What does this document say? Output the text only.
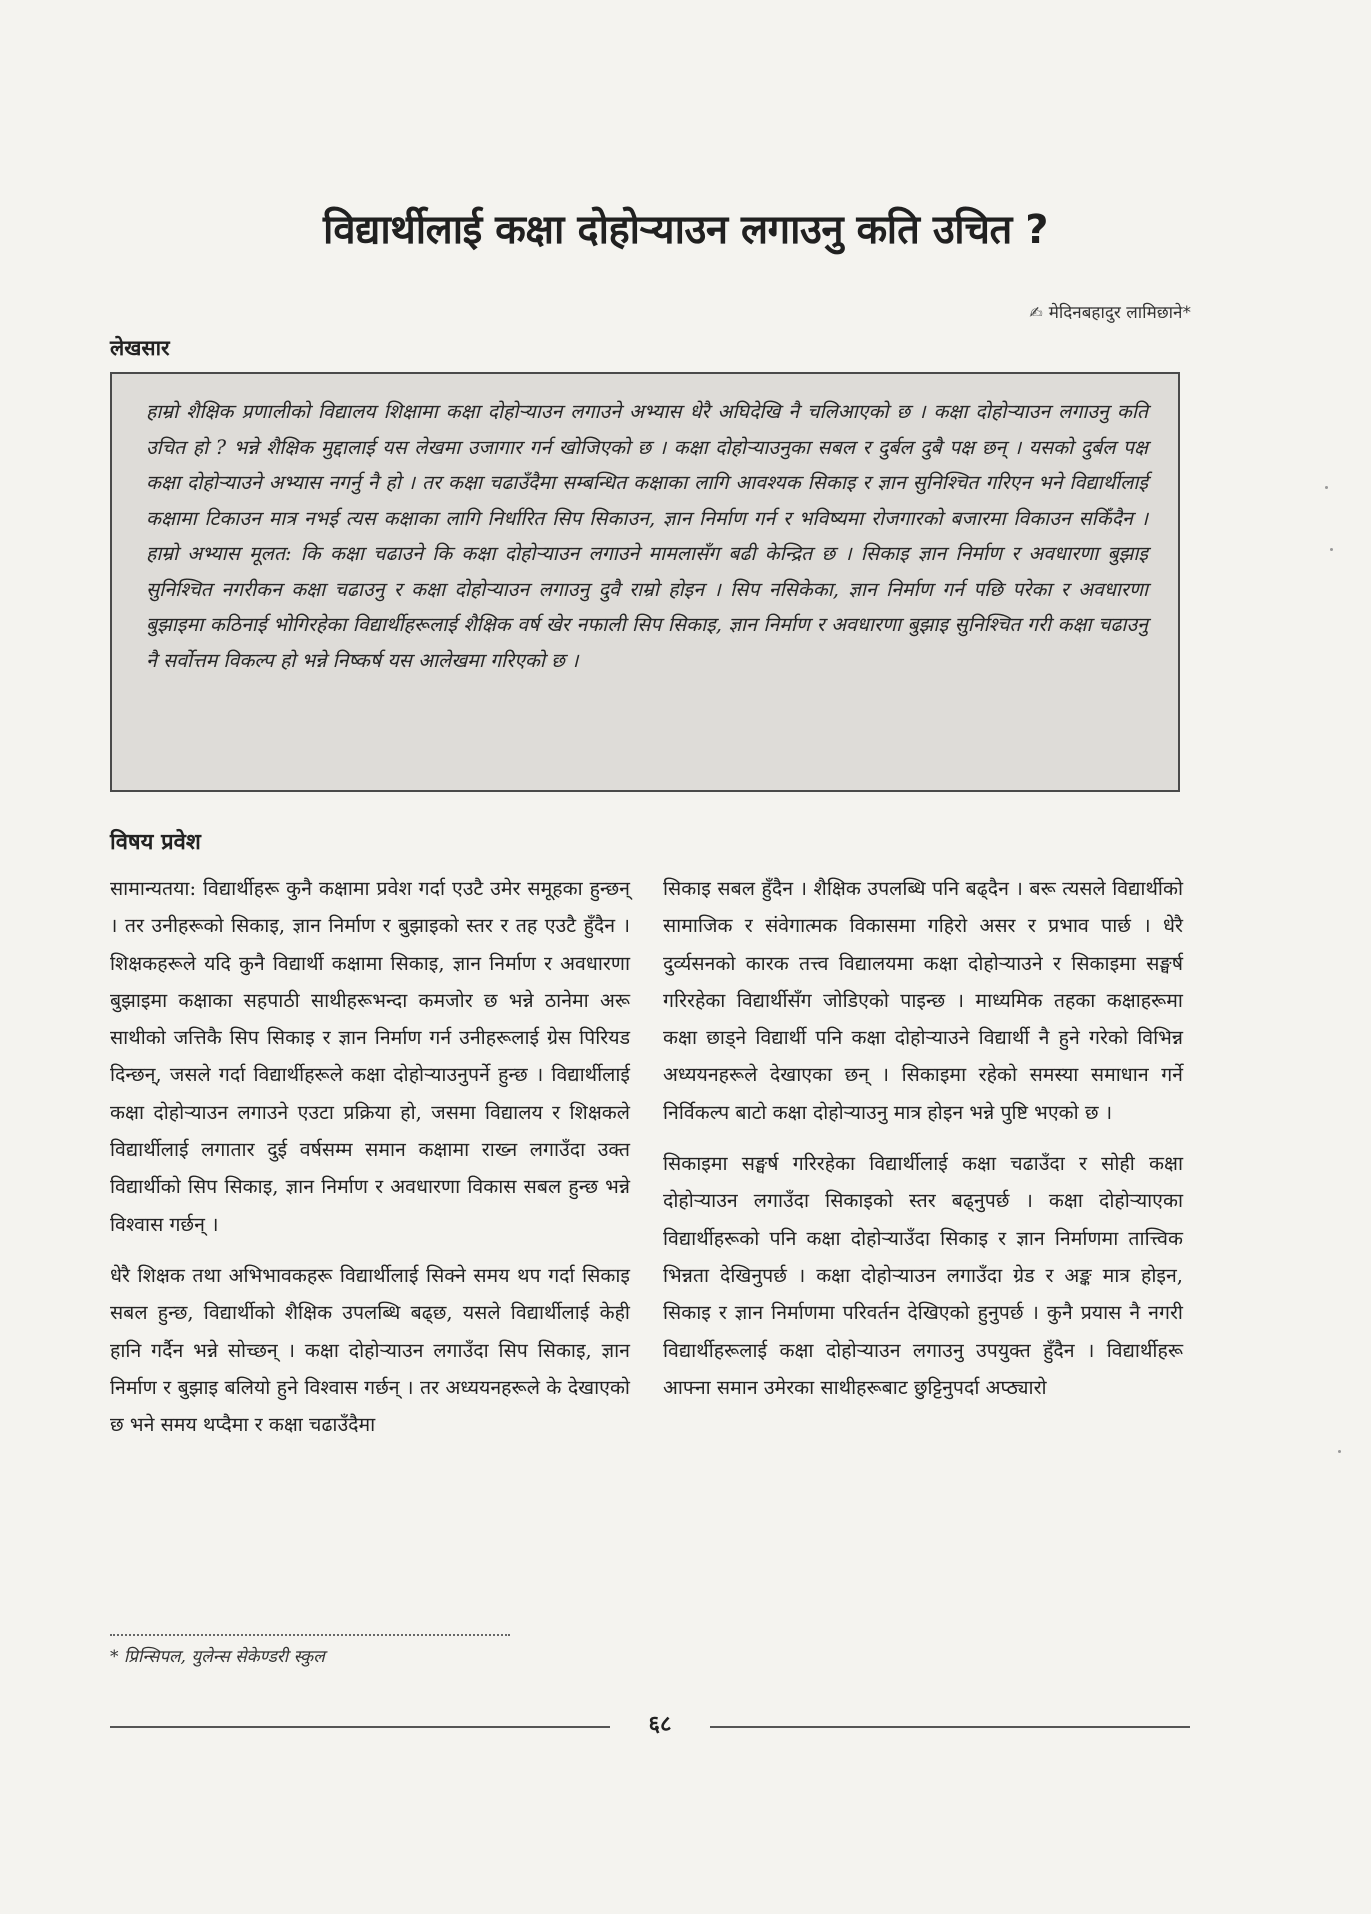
विद्यार्थीलाई कक्षा दोहोऱ्याउन लगाउनु कति उचित ?
✍ मेदिनबहादुर लामिछाने*
लेखसार
हाम्रो शैक्षिक प्रणालीको विद्यालय शिक्षामा कक्षा दोहोऱ्याउन लगाउने अभ्यास धेरै अघिदेखि नै चलिआएको छ । कक्षा दोहोऱ्याउन लगाउनु कति उचित हो ? भन्ने शैक्षिक मुद्दालाई यस लेखमा उजागार गर्न खोजिएको छ । कक्षा दोहोऱ्याउनुका सबल र दुर्बल दुबै पक्ष छन् । यसको दुर्बल पक्ष कक्षा दोहोऱ्याउने अभ्यास नगर्नु नै हो । तर कक्षा चढाउँदैमा सम्बन्धित कक्षाका लागि आवश्यक सिकाइ र ज्ञान सुनिश्चित गरिएन भने विद्यार्थीलाई कक्षामा टिकाउन मात्र नभई त्यस कक्षाका लागि निर्धारित सिप सिकाउन, ज्ञान निर्माण गर्न र भविष्यमा रोजगारको बजारमा विकाउन सकिँदैन । हाम्रो अभ्यास मूलत: कि कक्षा चढाउने कि कक्षा दोहोऱ्याउन लगाउने मामलासँग बढी केन्द्रित छ । सिकाइ ज्ञान निर्माण र अवधारणा बुझाइ सुनिश्चित नगरीकन कक्षा चढाउनु र कक्षा दोहोऱ्याउन लगाउनु दुवै राम्रो होइन । सिप नसिकेका, ज्ञान निर्माण गर्न पछि परेका र अवधारणा बुझाइमा कठिनाई भोगिरहेका विद्यार्थीहरूलाई शैक्षिक वर्ष खेर नफाली सिप सिकाइ, ज्ञान निर्माण र अवधारणा बुझाइ सुनिश्चित गरी कक्षा चढाउनु नै सर्वोत्तम विकल्प हो भन्ने निष्कर्ष यस आलेखमा गरिएको छ ।
विषय प्रवेश

सामान्यतया: विद्यार्थीहरू कुनै कक्षामा प्रवेश गर्दा एउटै उमेर समूहका हुन्छन् । तर उनीहरूको सिकाइ, ज्ञान निर्माण र बुझाइको स्तर र तह एउटै हुँदैन । शिक्षकहरूले यदि कुनै विद्यार्थी कक्षामा सिकाइ, ज्ञान निर्माण र अवधारणा बुझाइमा कक्षाका सहपाठी साथीहरूभन्दा कमजोर छ भन्ने ठानेमा अरू साथीको जत्तिकै सिप सिकाइ र ज्ञान निर्माण गर्न उनीहरूलाई ग्रेस पिरियड दिन्छन्, जसले गर्दा विद्यार्थीहरूले कक्षा दोहोऱ्याउनुपर्ने हुन्छ । विद्यार्थीलाई कक्षा दोहोऱ्याउन लगाउने एउटा प्रक्रिया हो, जसमा विद्यालय र शिक्षकले विद्यार्थीलाई लगातार दुई वर्षसम्म समान कक्षामा राख्न लगाउँदा उक्त विद्यार्थीको सिप सिकाइ, ज्ञान निर्माण र अवधारणा विकास सबल हुन्छ भन्ने विश्वास गर्छन् ।

धेरै शिक्षक तथा अभिभावकहरू विद्यार्थीलाई सिक्ने समय थप गर्दा सिकाइ सबल हुन्छ, विद्यार्थीको शैक्षिक उपलब्धि बढ्छ, यसले विद्यार्थीलाई केही हानि गर्दैन भन्ने सोच्छन् । कक्षा दोहोऱ्याउन लगाउँदा सिप सिकाइ, ज्ञान निर्माण र बुझाइ बलियो हुने विश्वास गर्छन् । तर अध्ययनहरूले के देखाएको छ भने समय थप्दैमा र कक्षा चढाउँदैमा

सिकाइ सबल हुँदैन । शैक्षिक उपलब्धि पनि बढ्दैन । बरू त्यसले विद्यार्थीको सामाजिक र संवेगात्मक विकासमा गहिरो असर र प्रभाव पार्छ । धेरै दुर्व्यसनको कारक तत्त्व विद्यालयमा कक्षा दोहोऱ्याउने र सिकाइमा सङ्घर्ष गरिरहेका विद्यार्थीसँग जोडिएको पाइन्छ । माध्यमिक तहका कक्षाहरूमा कक्षा छाड्ने विद्यार्थी पनि कक्षा दोहोऱ्याउने विद्यार्थी नै हुने गरेको विभिन्न अध्ययनहरूले देखाएका छन् । सिकाइमा रहेको समस्या समाधान गर्ने निर्विकल्प बाटो कक्षा दोहोऱ्याउनु मात्र होइन भन्ने पुष्टि भएको छ ।

सिकाइमा सङ्घर्ष गरिरहेका विद्यार्थीलाई कक्षा चढाउँदा र सोही कक्षा दोहोऱ्याउन लगाउँदा सिकाइको स्तर बढ्नुपर्छ । कक्षा दोहोऱ्याएका विद्यार्थीहरूको पनि कक्षा दोहोऱ्याउँदा सिकाइ र ज्ञान निर्माणमा तात्त्विक भिन्नता देखिनुपर्छ । कक्षा दोहोऱ्याउन लगाउँदा ग्रेड र अङ्क मात्र होइन, सिकाइ र ज्ञान निर्माणमा परिवर्तन देखिएको हुनुपर्छ । कुनै प्रयास नै नगरी विद्यार्थीहरूलाई कक्षा दोहोऱ्याउन लगाउनु उपयुक्त हुँदैन । विद्यार्थीहरू आफ्ना समान उमेरका साथीहरूबाट छुट्टिनुपर्दा अप्ठ्यारो

६८
* प्रिन्सिपल, युलेन्स सेकेण्डरी स्कुल
